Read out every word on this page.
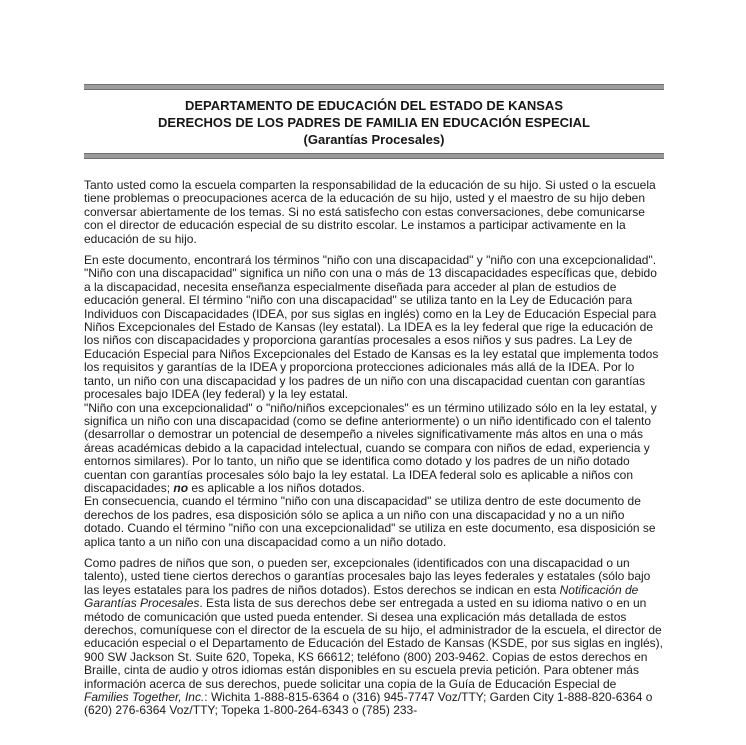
DEPARTAMENTO DE EDUCACIÓN DEL ESTADO DE KANSAS
DERECHOS DE LOS PADRES DE FAMILIA EN EDUCACIÓN ESPECIAL
(Garantías Procesales)

Tanto usted como la escuela comparten la responsabilidad de la educación de su hijo. Si usted o la escuela tiene problemas o preocupaciones acerca de la educación de su hijo, usted y el maestro de su hijo deben conversar abiertamente de los temas. Si no está satisfecho con estas conversaciones, debe comunicarse con el director de educación especial de su distrito escolar. Le instamos a participar activamente en la educación de su hijo.

En este documento, encontrará los términos "niño con una discapacidad" y "niño con una excepcionalidad".

"Niño con una discapacidad" significa un niño con una o más de 13 discapacidades específicas que, debido a la discapacidad, necesita enseñanza especialmente diseñada para acceder al plan de estudios de educación general. El término "niño con una discapacidad" se utiliza tanto en la Ley de Educación para Individuos con Discapacidades (IDEA, por sus siglas en inglés) como en la Ley de Educación Especial para Niños Excepcionales del Estado de Kansas (ley estatal). La IDEA es la ley federal que rige la educación de los niños con discapacidades y proporciona garantías procesales a esos niños y sus padres. La Ley de Educación Especial para Niños Excepcionales del Estado de Kansas es la ley estatal que implementa todos los requisitos y garantías de la IDEA y proporciona protecciones adicionales más allá de la IDEA. Por lo tanto, un niño con una discapacidad y los padres de un niño con una discapacidad cuentan con garantías procesales bajo IDEA (ley federal) y la ley estatal.

"Niño con una excepcionalidad" o "niño/niños excepcionales" es un término utilizado sólo en la ley estatal, y significa un niño con una discapacidad (como se define anteriormente) o un niño identificado con el talento (desarrollar o demostrar un potencial de desempeño a niveles significativamente más altos en una o más áreas académicas debido a la capacidad intelectual, cuando se compara con niños de edad, experiencia y entornos similares). Por lo tanto, un niño que se identifica como dotado y los padres de un niño dotado cuentan con garantías procesales sólo bajo la ley estatal. La IDEA federal solo es aplicable a niños con discapacidades; no es aplicable a los niños dotados.

En consecuencia, cuando el término "niño con una discapacidad" se utiliza dentro de este documento de derechos de los padres, esa disposición sólo se aplica a un niño con una discapacidad y no a un niño dotado. Cuando el término "niño con una excepcionalidad" se utiliza en este documento, esa disposición se aplica tanto a un niño con una discapacidad como a un niño dotado.

Como padres de niños que son, o pueden ser, excepcionales (identificados con una discapacidad o un talento), usted tiene ciertos derechos o garantías procesales bajo las leyes federales y estatales (sólo bajo las leyes estatales para los padres de niños dotados). Estos derechos se indican en esta Notificación de Garantías Procesales. Esta lista de sus derechos debe ser entregada a usted en su idioma nativo o en un método de comunicación que usted pueda entender. Si desea una explicación más detallada de estos derechos, comuníquese con el director de la escuela de su hijo, el administrador de la escuela, el director de educación especial o el Departamento de Educación del Estado de Kansas (KSDE, por sus siglas en inglés), 900 SW Jackson St. Suite 620, Topeka, KS 66612; teléfono (800) 203-9462. Copias de estos derechos en Braille, cinta de audio y otros idiomas están disponibles en su escuela previa petición. Para obtener más información acerca de sus derechos, puede solicitar una copia de la Guía de Educación Especial de Families Together, Inc.: Wichita 1-888-815-6364 o (316) 945-7747 Voz/TTY; Garden City 1-888-820-6364 o (620) 276-6364 Voz/TTY; Topeka 1-800-264-6343 o (785) 233-
